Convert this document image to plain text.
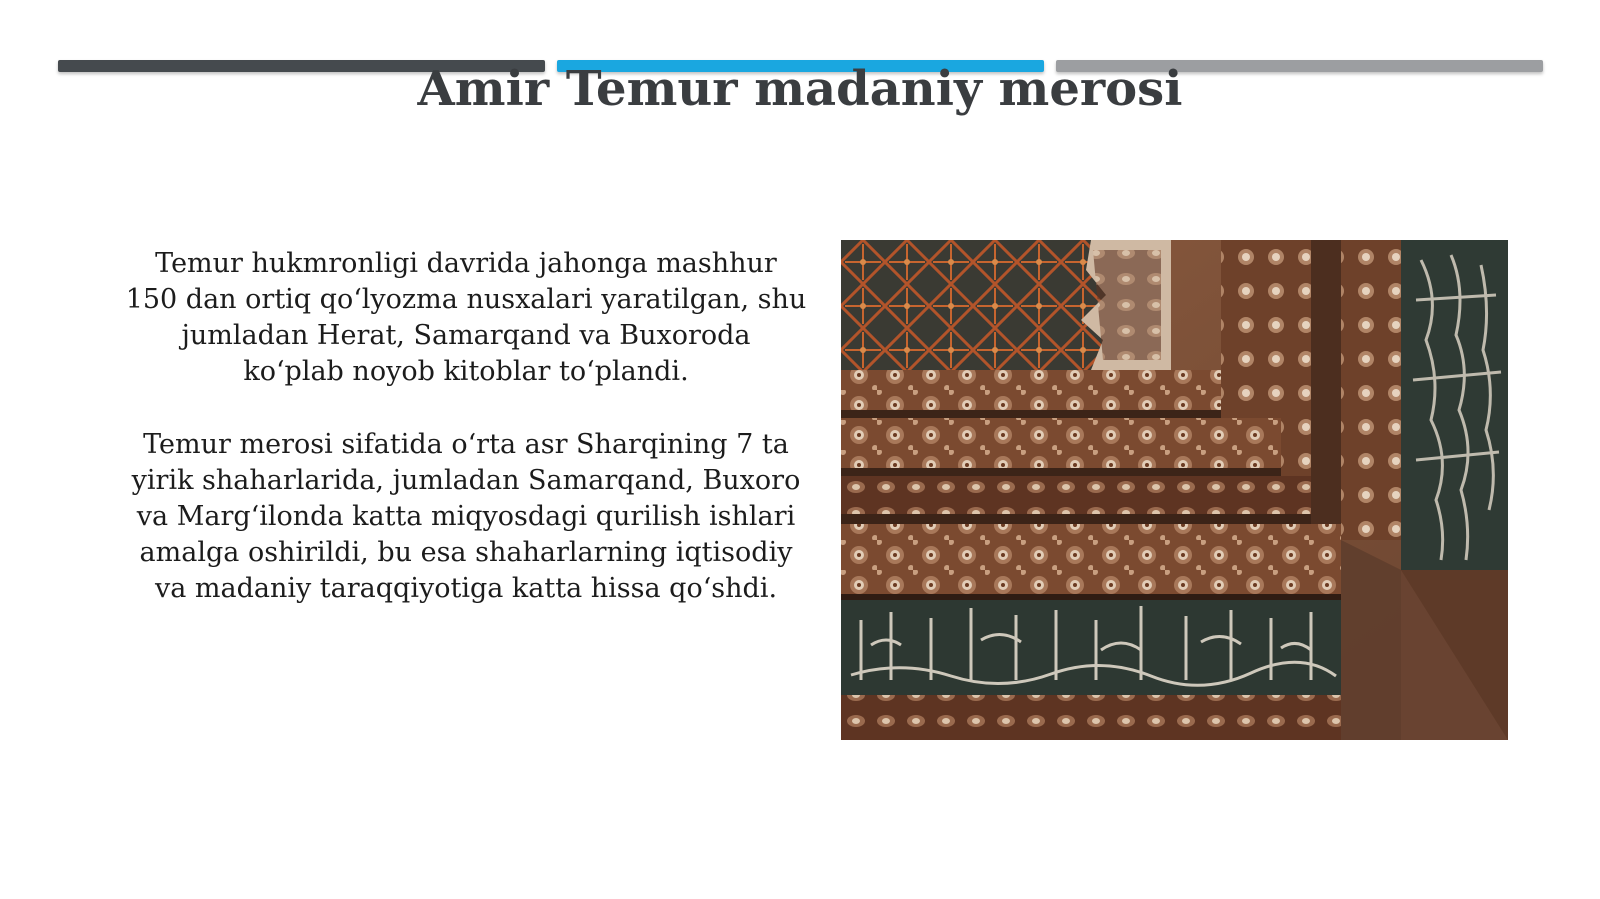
Amir Temur madaniy merosi

Temur hukmronligi davrida jahonga mashhur
150 dan ortiq qo‘lyozma nusxalari yaratilgan, shu
jumladan Herat, Samarqand va Buxoroda
ko‘plab noyob kitoblar to‘plandi.

Temur merosi sifatida o‘rta asr Sharqining 7 ta
yirik shaharlarida, jumladan Samarqand, Buxoro
va Marg‘ilonda katta miqyosdagi qurilish ishlari
amalga oshirildi, bu esa shaharlarning iqtisodiy
va madaniy taraqqiyotiga katta hissa qo‘shdi.
